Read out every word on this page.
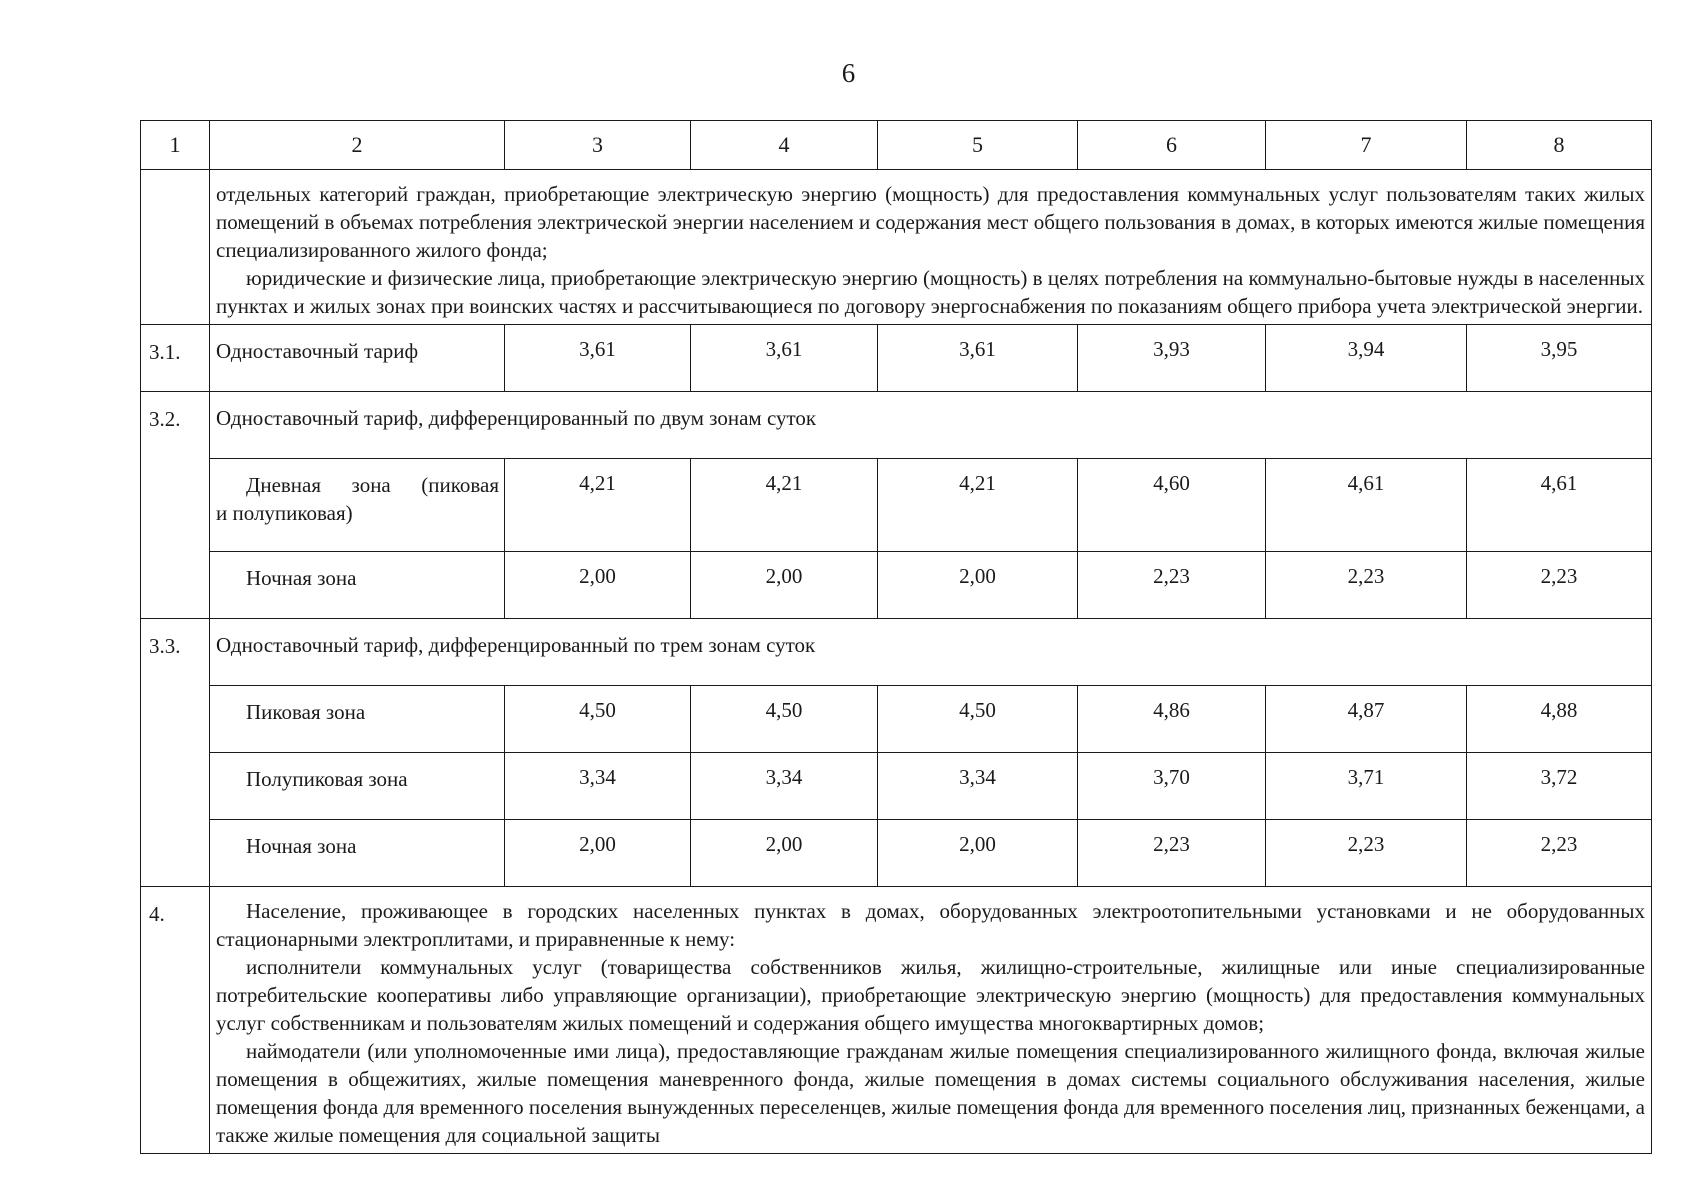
6
1	2	3	4	5	6	7	8

	отдельных категорий граждан, приобретающие электрическую энергию (мощность) для предоставления коммунальных услуг пользователям таких жилых помещений в объемах потребления электрической энергии населением и содержания мест общего пользования в домах, в которых имеются жилые помещения специализированного жилого фонда;

юридические и физические лица, приобретающие электрическую энергию (мощность) в целях потребления на коммунально-бытовые нужды в населенных пунктах и жилых зонах при воинских частях и рассчитывающиеся по договору энергоснабжения по показаниям общего прибора учета электрической энергии.						

3.1.	Одноставочный тариф	3,61	3,61	3,61	3,93	3,94	3,95
3.2.	Одноставочный тариф, дифференцированный по двум зонам суток						

	Дневная зона (пиковая
и полупиковая)	4,21	4,21	4,21	4,60	4,61	4,61
	Ночная зона	2,00	2,00	2,00	2,23	2,23	2,23
3.3.	Одноставочный тариф, дифференцированный по трем зонам суток						
	Пиковая зона	4,50	4,50	4,50	4,86	4,87	4,88
	Полупиковая зона	3,34	3,34	3,34	3,70	3,71	3,72
	Ночная зона	2,00	2,00	2,00	2,23	2,23	2,23
4.	Население, проживающее в городских населенных пунктах в домах, оборудованных электроотопительными установками и не оборудованных стационарными электроплитами, и приравненные к нему:

исполнители коммунальных услуг (товарищества собственников жилья, жилищно-строительные, жилищные или иные специализированные потребительские кооперативы либо управляющие организации), приобретающие электрическую энергию (мощность) для предоставления коммунальных услуг собственникам и пользователям жилых помещений и содержания общего имущества многоквартирных домов;

наймодатели (или уполномоченные ими лица), предоставляющие гражданам жилые помещения специализированного жилищного фонда, включая жилые помещения в общежитиях, жилые помещения маневренного фонда, жилые помещения в домах системы социального обслуживания населения, жилые помещения фонда для временного поселения вынужденных переселенцев, жилые помещения фонда для временного поселения лиц, признанных беженцами, а также жилые помещения для социальной защиты						
